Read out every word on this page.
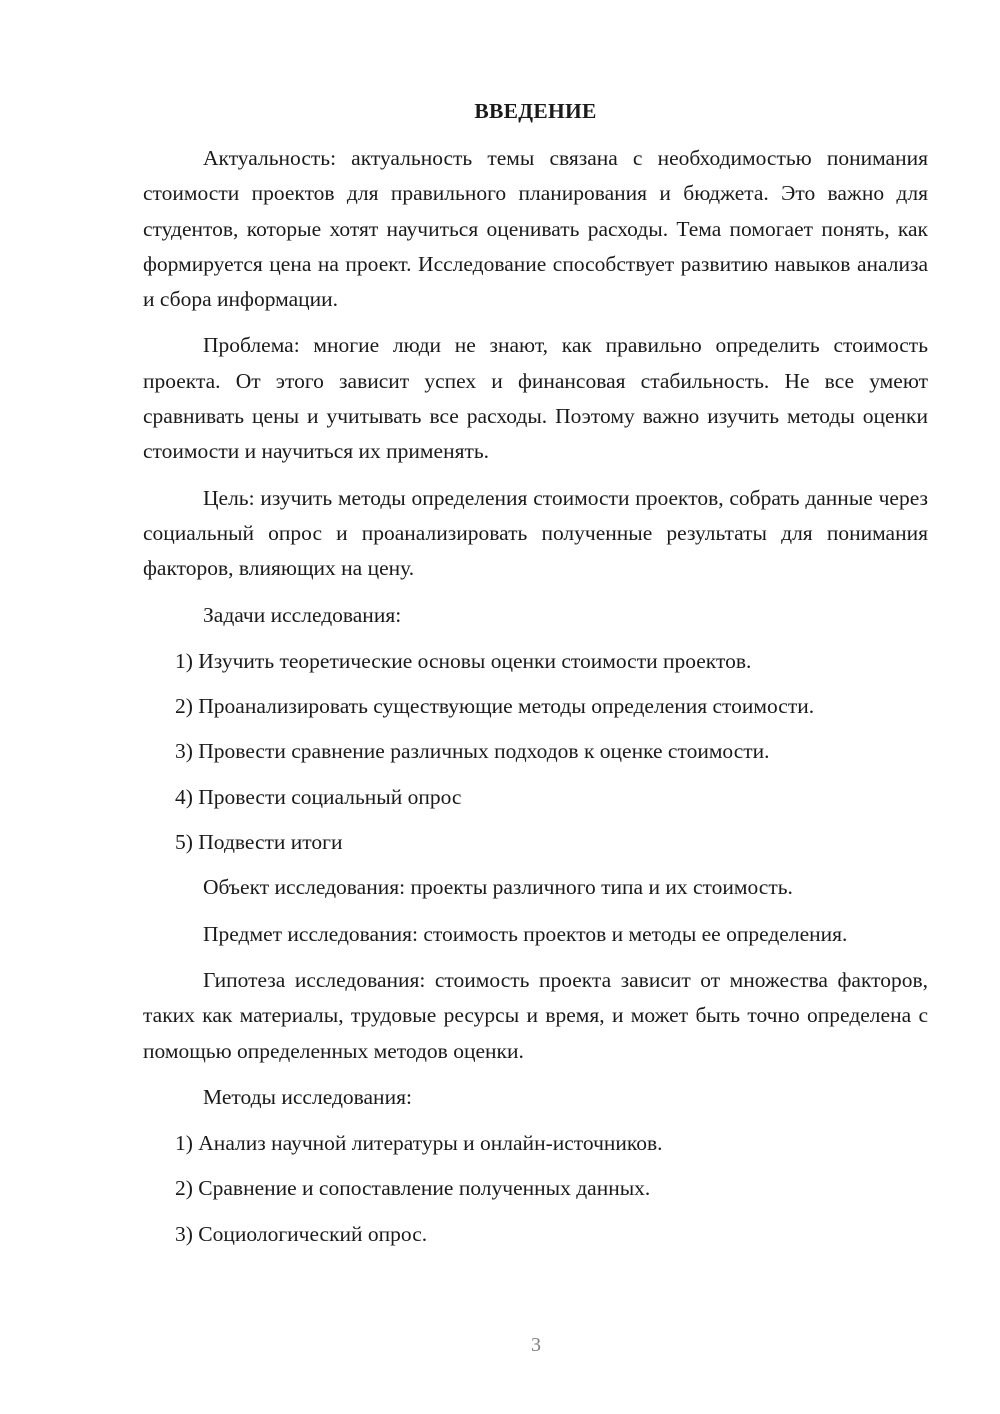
ВВЕДЕНИЕ
Актуальность: актуальность темы связана с необходимостью понимания стоимости проектов для правильного планирования и бюджета. Это важно для студентов, которые хотят научиться оценивать расходы. Тема помогает понять, как формируется цена на проект. Исследование способствует развитию навыков анализа и сбора информации.
Проблема: многие люди не знают, как правильно определить стоимость проекта. От этого зависит успех и финансовая стабильность. Не все умеют сравнивать цены и учитывать все расходы. Поэтому важно изучить методы оценки стоимости и научиться их применять.
Цель: изучить методы определения стоимости проектов, собрать данные через социальный опрос и проанализировать полученные результаты для понимания факторов, влияющих на цену.
Задачи исследования:
1) Изучить теоретические основы оценки стоимости проектов.
2) Проанализировать существующие методы определения стоимости.
3) Провести сравнение различных подходов к оценке стоимости.
4) Провести социальный опрос
5) Подвести итоги
Объект исследования: проекты различного типа и их стоимость.
Предмет исследования: стоимость проектов и методы ее определения.
Гипотеза исследования: стоимость проекта зависит от множества факторов, таких как материалы, трудовые ресурсы и время, и может быть точно определена с помощью определенных методов оценки.
Методы исследования:
1) Анализ научной литературы и онлайн-источников.
2) Сравнение и сопоставление полученных данных.
3) Социологический опрос.
3
